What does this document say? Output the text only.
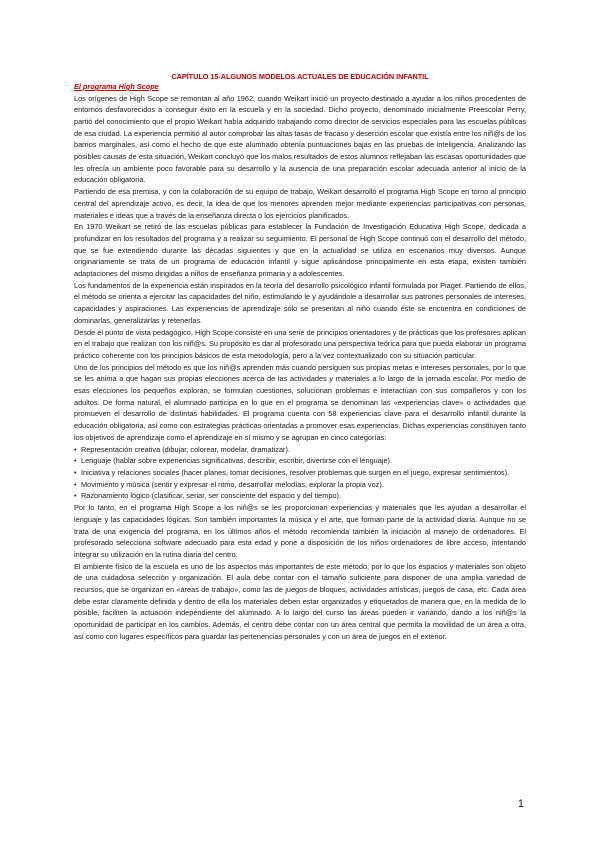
CAPÍTULO 15-ALGUNOS MODELOS ACTUALES DE EDUCACIÓN INFANTIL

El programa High Scope

Los orígenes de High Scope se remontan al año 1962, cuando Weikart inició un proyecto destinado a ayudar a los niños procedentes de entornos desfavorecidos a conseguir éxito en la escuela y en la sociedad. Dicho proyecto, denominado inicialmente Preescolar Perry, partió del conocimiento que el propio Weikart había adquirido trabajando como director de servicios especiales para las escuelas públicas de esa ciudad. La experiencia permitió al autor comprobar las altas tasas de fracaso y deserción escolar que existía entre los niñ@s de los barrios marginales, así como el hecho de que este alumnado obtenía puntuaciones bajas en las pruebas de inteligencia. Analizando las posibles causas de esta situación, Weikart concluyó que los malos resultados de estos alumnos reflejaban las escasas oportunidades que les ofrecía un ambiente poco favorable para su desarrollo y la ausencia de una preparación escolar adecuada anterior al inicio de la educación obligatoria.

Partiendo de esa premisa, y con la colaboración de su equipo de trabajo, Weikart desarrolló el programa High Scope en torno al principio central del aprendizaje activo, es decir, la idea de que los menores aprenden mejor mediante experiencias participativas con personas, materiales e ideas que a través de la enseñanza directa o los ejercicios planificados.

En 1970 Weikart se retiró de las escuelas públicas para establecer la Fundación de Investigación Educativa High Scope, dedicada a profundizar en los resultados del programa y a realizar su seguimiento. El personal de High Scope continuó con el desarrollo del método, que se fue extendiendo durante las décadas siguientes y que en la actualidad se utiliza en escenarios muy diversos. Aunque originariamente se trata de un programa de educación infantil y sigue aplicándose principalmente en esta etapa, existen también adaptaciones del mismo dirigidas a niños de enseñanza primaria y a adolescentes.

Los fundamentos de la experiencia están inspirados en la teoría del desarrollo psicológico infantil formulada por Piaget. Partiendo de ellos, el método se orienta a ejercitar las capacidades del niño, estimulando le y ayudándole a desarrollar sus patrones personales de intereses, capacidades y aspiraciones. Las experiencias de aprendizaje sólo se presentan al niño cuando éste se encuentra en condiciones de dominarlas, generalizarlas y retenerlas.

Desde el punto de vista pedagógico, High Scope consiste en una serie de principios orientadores y de prácticas que los profesores aplican en el trabajo que realizan con los niñ@s. Su propósito es dar al profesorado una perspectiva teórica para que pueda elaborar un programa práctico coherente con los principios básicos de esta metodología, pero a la vez contextualizado con su situación particular.

Uno de los principios del método es que los niñ@s aprenden más cuando persiguen sus propias metas e intereses personales, por lo que se les anima a que hagan sus propias elecciones acerca de las actividades y materiales a lo largo de la jornada escolar. Por medio de esas elecciones los pequeños exploran, se formulan cuestiones, solucionan problemas e interactúan con sus compañeros y con los adultos. De forma natural, el alumnado participa en lo que en el programa se denominan las «experiencias clave» o actividades que promueven el desarrollo de distintas habilidades. El programa cuenta con 58 experiencias clave para el desarrollo infantil durante la educación obligatoria, así como con estrategias prácticas orientadas a promover esas experiencias. Dichas experiencias constituyen tanto los objetivos de aprendizaje como el aprendizaje en sí mismo y se agrupan en cinco categorías:

• Representación creativa (dibujar, colorear, modelar, dramatizar).
• Lenguaje (hablar sobre experiencias significativas, describir, escribir, divertirse con el lenguaje).
• Iniciativa y relaciones sociales (hacer planes, tomar decisiones, resolver problemas que surgen en el juego, expresar sentimientos).
• Movimiento y música (sentir y expresar el ritmo, desarrollar melodías, explorar la propia voz).
• Razonamiento lógico (clasificar, seriar, ser consciente del espacio y del tiempo).

Por lo tanto, en el programa High Scope a los niñ@s se les proporcionan experiencias y materiales que les ayudan a desarrollar el lenguaje y las capacidades lógicas. Son también importantes la música y el arte, que forman parte de la actividad diaria. Aunque no se trata de una exigencia del programa, en los últimos años el método recomienda también la iniciación al manejo de ordenadores. El profesorado selecciona software adecuado para esta edad y pone a disposición de los niños ordenadores de libre acceso, intentando integrar su utilización en la rutina diaria del centro.

El ambiente físico de la escuela es uno de los aspectos más importantes de este método, por lo que los espacios y materiales son objeto de una cuidadosa selección y organización. El aula debe contar con el tamaño suficiente para disponer de una amplia variedad de recursos, que se organizan en «áreas de trabajo», como las de juegos de bloques, actividades artísticas, juegos de casa, etc. Cada área debe estar claramente definida y dentro de ella los materiales deben estar organizados y etiquetados de manera que, en la medida de lo posible, faciliten la actuación independiente del alumnado. A lo largo del curso las áreas pueden ir variando, dando a los niñ@s la oportunidad de participar en los cambios. Además, el centro debe contar con un área central que permita la movilidad de un área a otra, así como con lugares específicos para guardar las pertenencias personales y con un área de juegos en el exterior.

1
